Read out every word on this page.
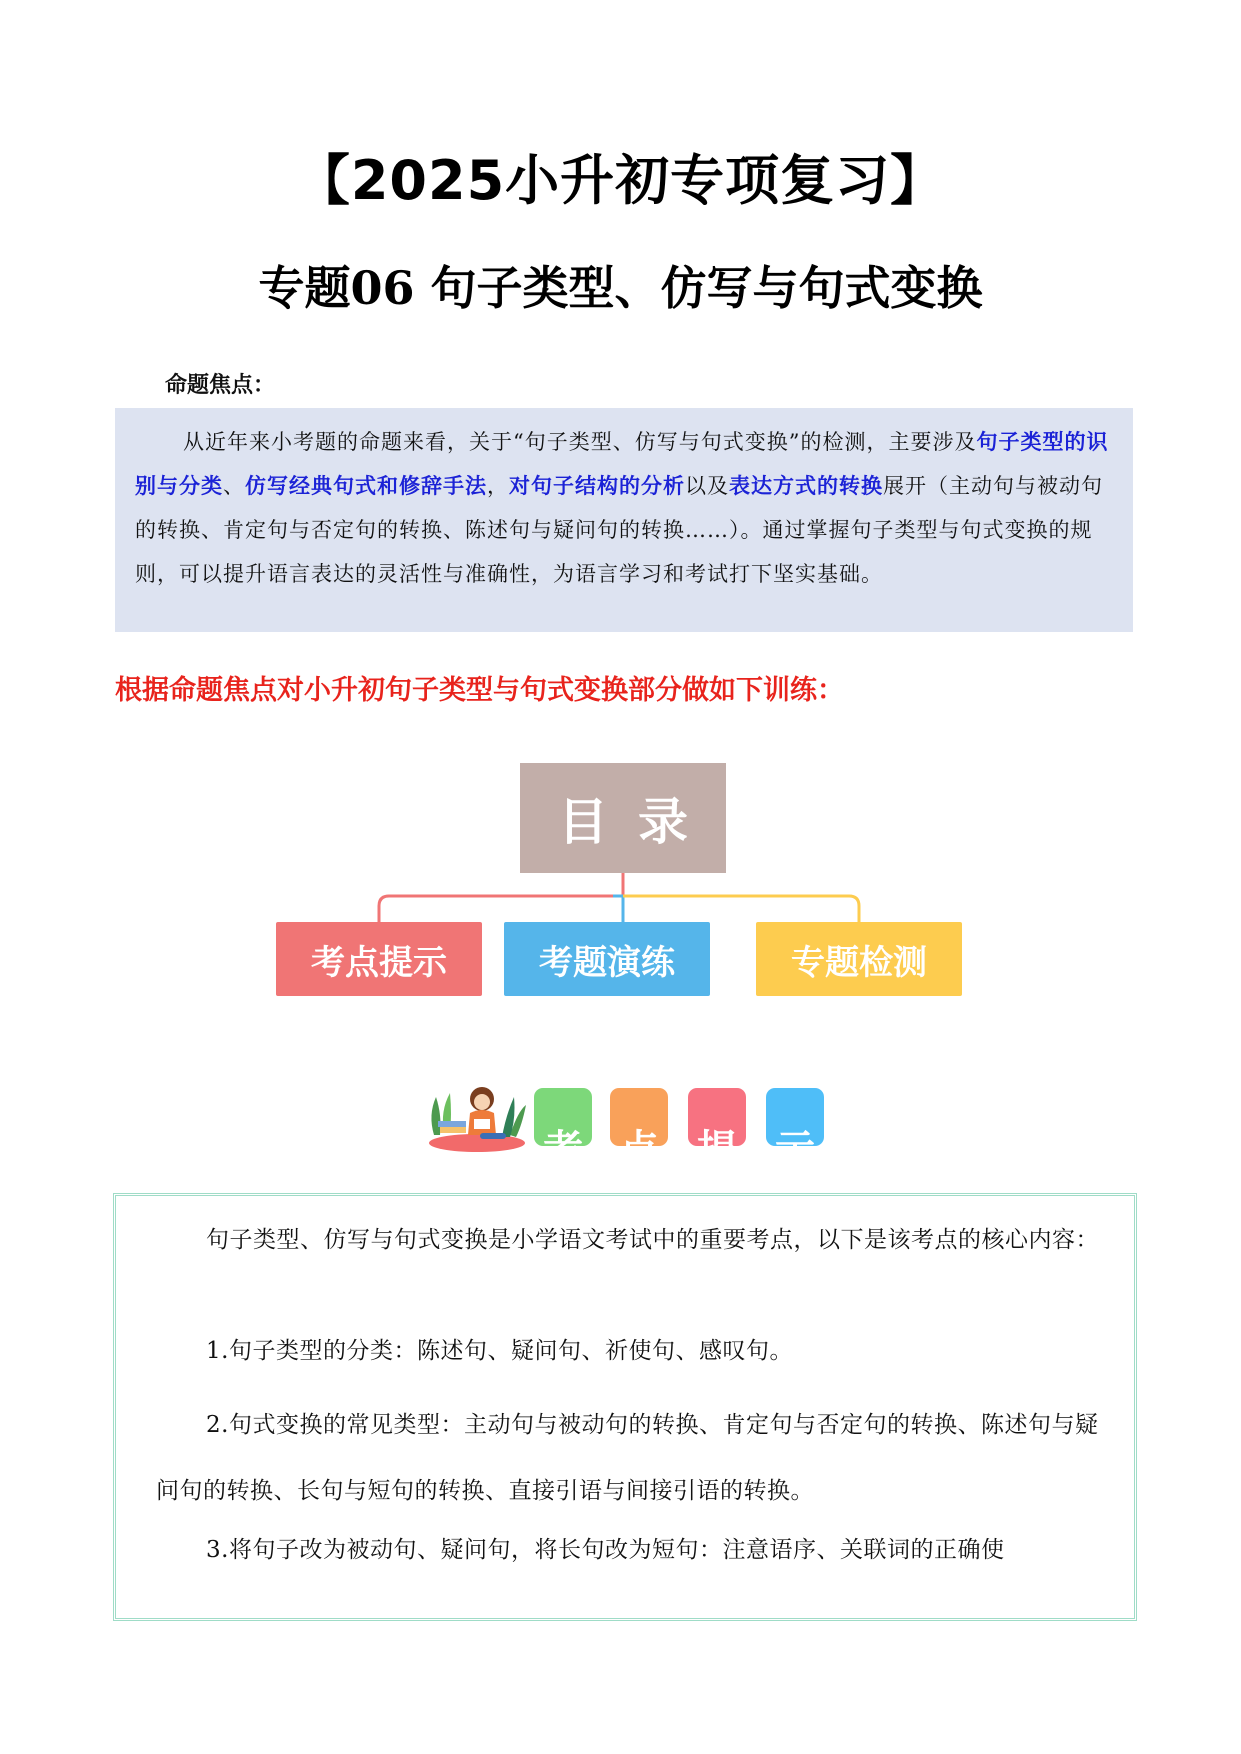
【2025小升初专项复习】
专题06 句子类型、仿写与句式变换
命题焦点：
从近年来小考题的命题来看，关于“句子类型、仿写与句式变换”的检测，主要涉及句子类型的识别与分类、仿写经典句式和修辞手法，对句子结构的分析以及表达方式的转换展开（主动句与被动句的转换、肯定句与否定句的转换、陈述句与疑问句的转换……）。通过掌握句子类型与句式变换的规则，可以提升语言表达的灵活性与准确性，为语言学习和考试打下坚实基础。
根据命题焦点对小升初句子类型与句式变换部分做如下训练：
目录
考点提示	考题演练	专题检测
考 点 提 示
句子类型、仿写与句式变换是小学语文考试中的重要考点，以下是该考点的核心内容：
1.句子类型的分类：陈述句、疑问句、祈使句、感叹句。
2.句式变换的常见类型：主动句与被动句的转换、肯定句与否定句的转换、陈述句与疑问句的转换、长句与短句的转换、直接引语与间接引语的转换。
3.将句子改为被动句、疑问句，将长句改为短句：注意语序、关联词的正确使
